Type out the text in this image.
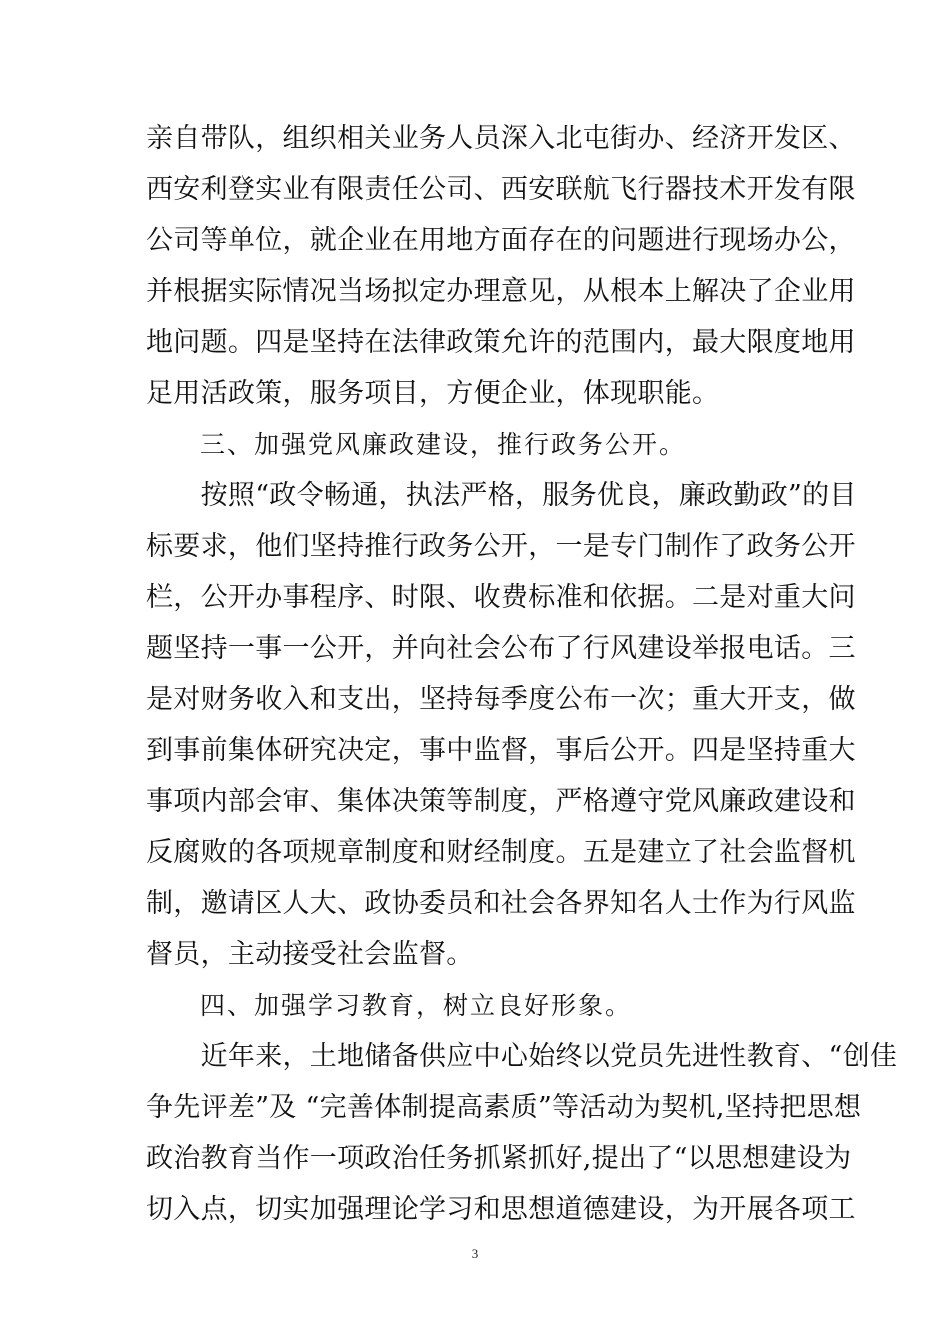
亲自带队，组织相关业务人员深入北屯街办、经济开发区、
西安利登实业有限责任公司、西安联航飞行器技术开发有限
公司等单位，就企业在用地方面存在的问题进行现场办公，
并根据实际情况当场拟定办理意见，从根本上解决了企业用
地问题。四是坚持在法律政策允许的范围内，最大限度地用
足用活政策，服务项目，方便企业，体现职能。
　　三、加强党风廉政建设，推行政务公开。
　　按照“政令畅通，执法严格，服务优良，廉政勤政”的目
标要求，他们坚持推行政务公开，一是专门制作了政务公开
栏，公开办事程序、时限、收费标准和依据。二是对重大问
题坚持一事一公开，并向社会公布了行风建设举报电话。三
是对财务收入和支出，坚持每季度公布一次；重大开支，做
到事前集体研究决定，事中监督，事后公开。四是坚持重大
事项内部会审、集体决策等制度，严格遵守党风廉政建设和
反腐败的各项规章制度和财经制度。五是建立了社会监督机
制，邀请区人大、政协委员和社会各界知名人士作为行风监
督员，主动接受社会监督。
　　四、加强学习教育，树立良好形象。
　　近年来，土地储备供应中心始终以党员先进性教育、“创佳
争先评差”及 “完善体制提高素质”等活动为契机,坚持把思想
政治教育当作一项政治任务抓紧抓好,提出了“以思想建设为
切入点，切实加强理论学习和思想道德建设，为开展各项工
3
